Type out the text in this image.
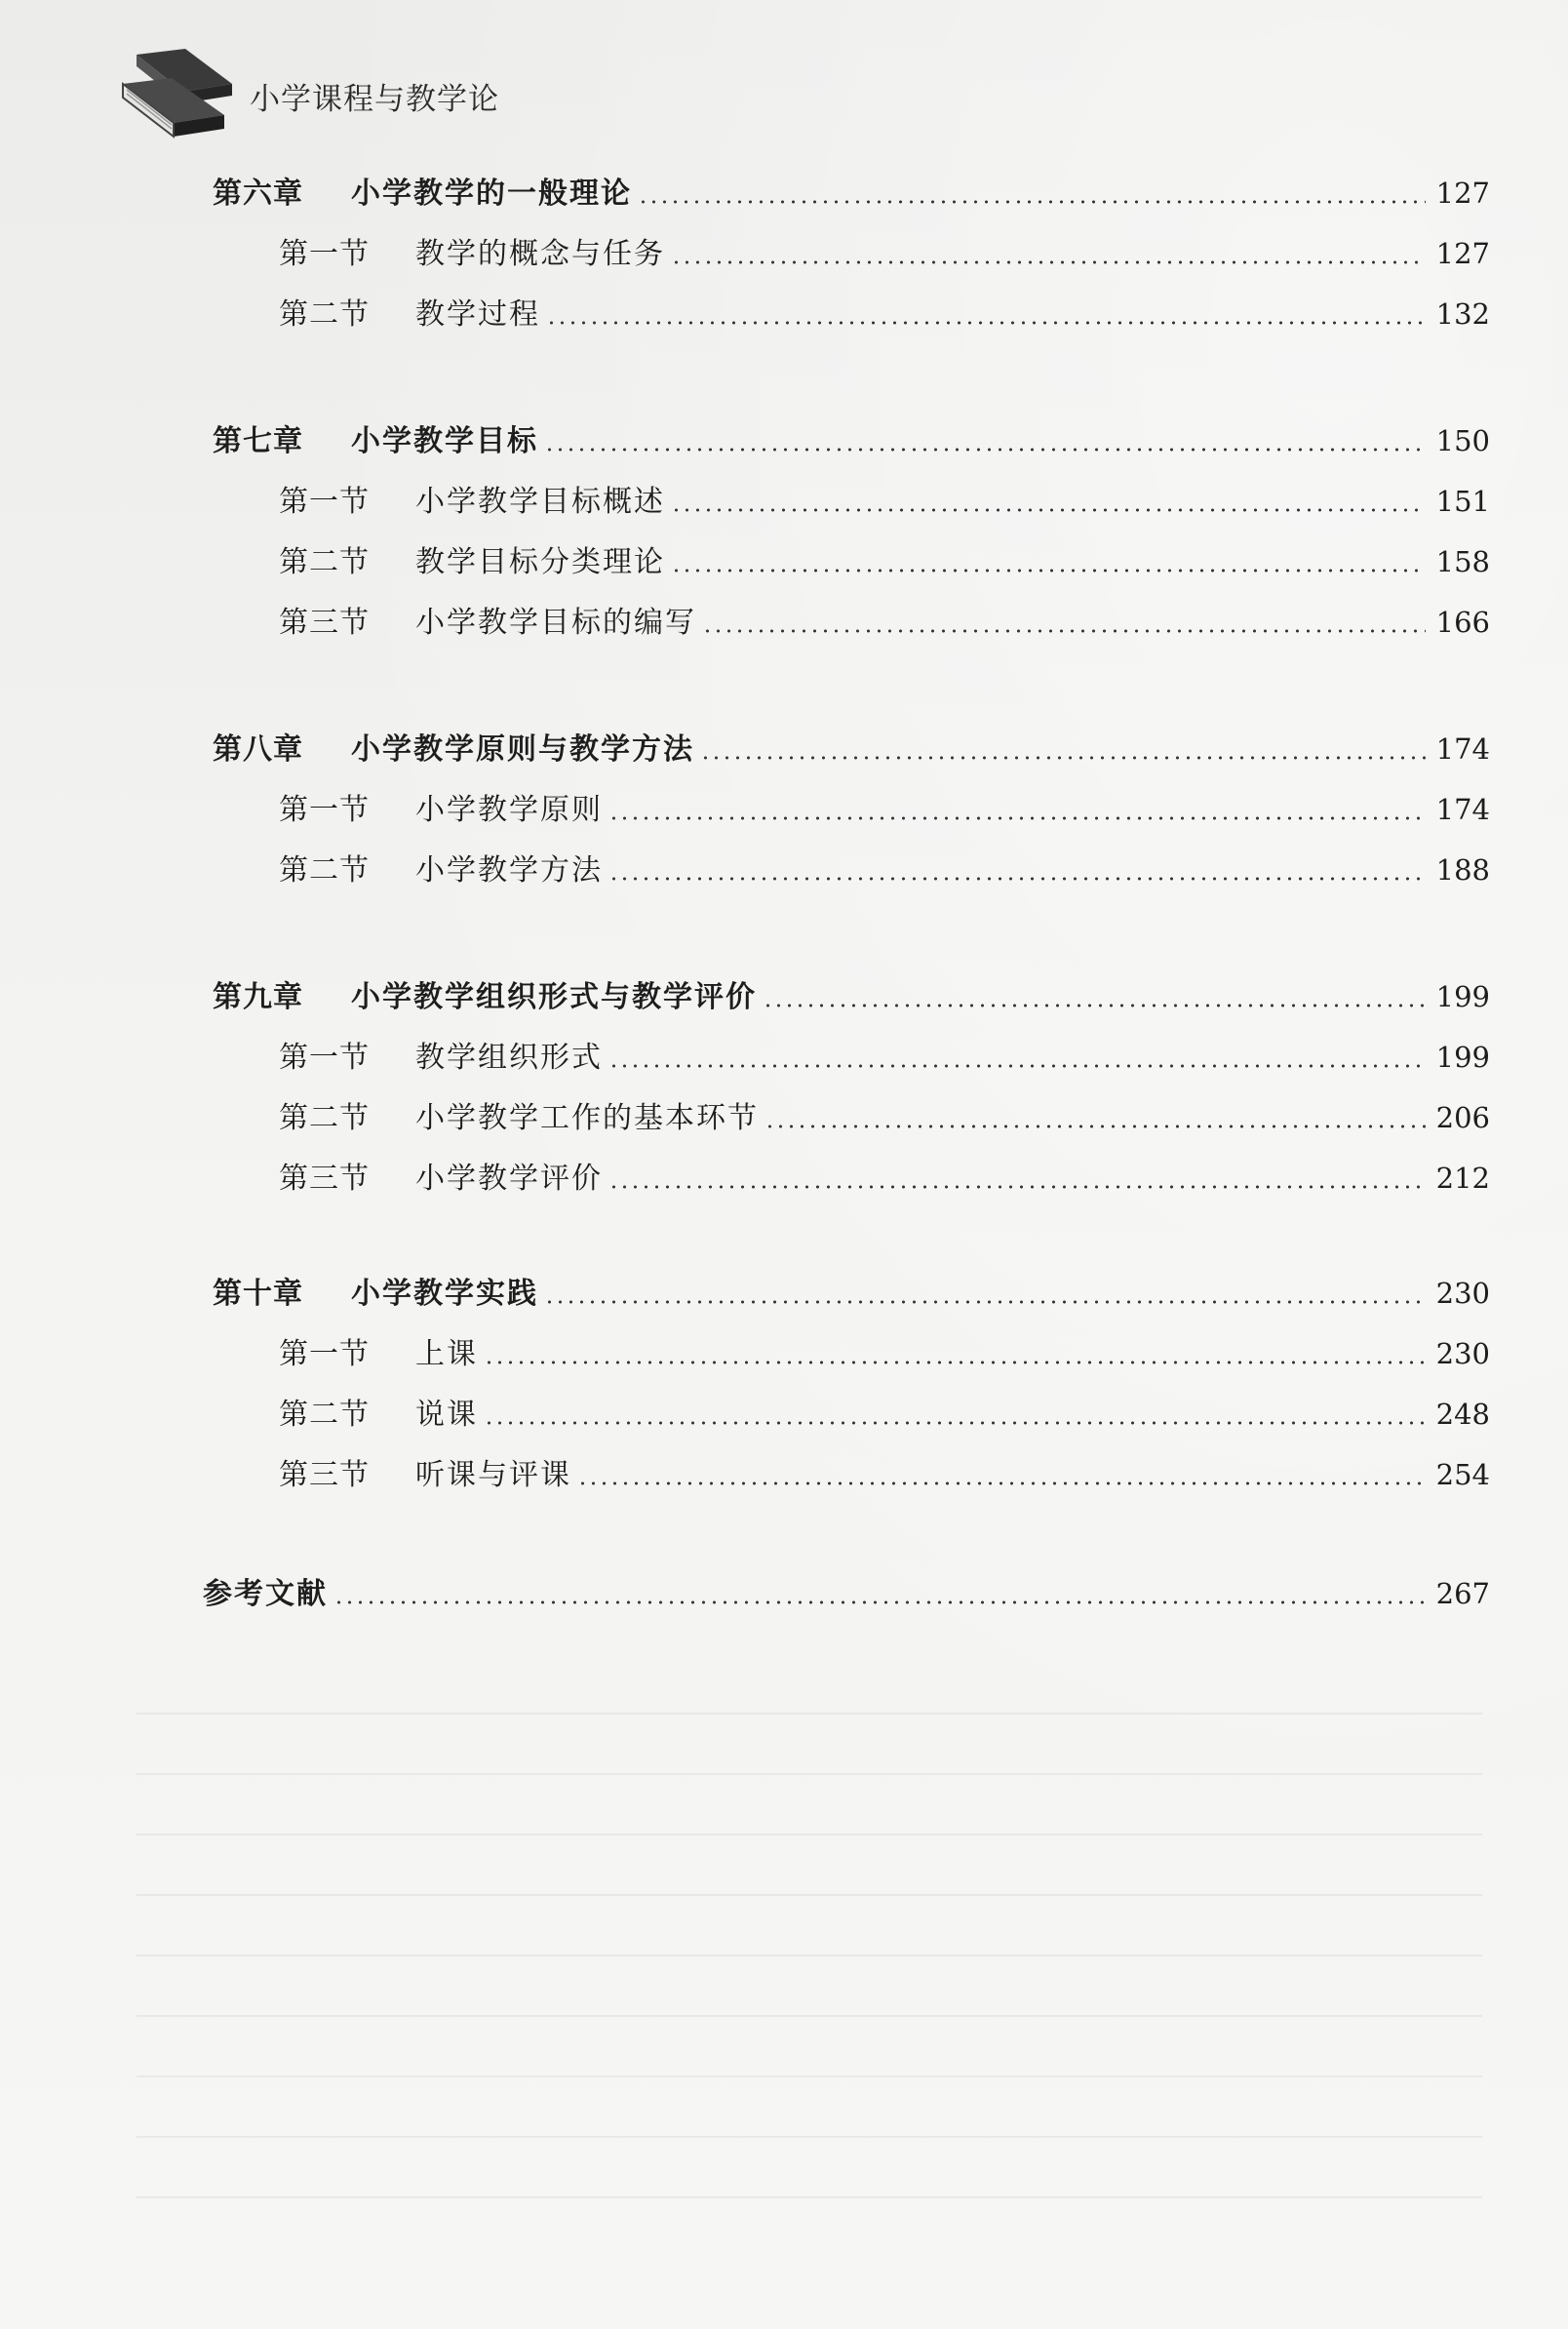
小学课程与教学论
第六章	小学教学的一般理论	127
第一节	教学的概念与任务	127
第二节	教学过程	132
第七章	小学教学目标	150
第一节	小学教学目标概述	151
第二节	教学目标分类理论	158
第三节	小学教学目标的编写	166
第八章	小学教学原则与教学方法	174
第一节	小学教学原则	174
第二节	小学教学方法	188
第九章	小学教学组织形式与教学评价	199
第一节	教学组织形式	199
第二节	小学教学工作的基本环节	206
第三节	小学教学评价	212
第十章	小学教学实践	230
第一节	上课	230
第二节	说课	248
第三节	听课与评课	254
参考文献	267
